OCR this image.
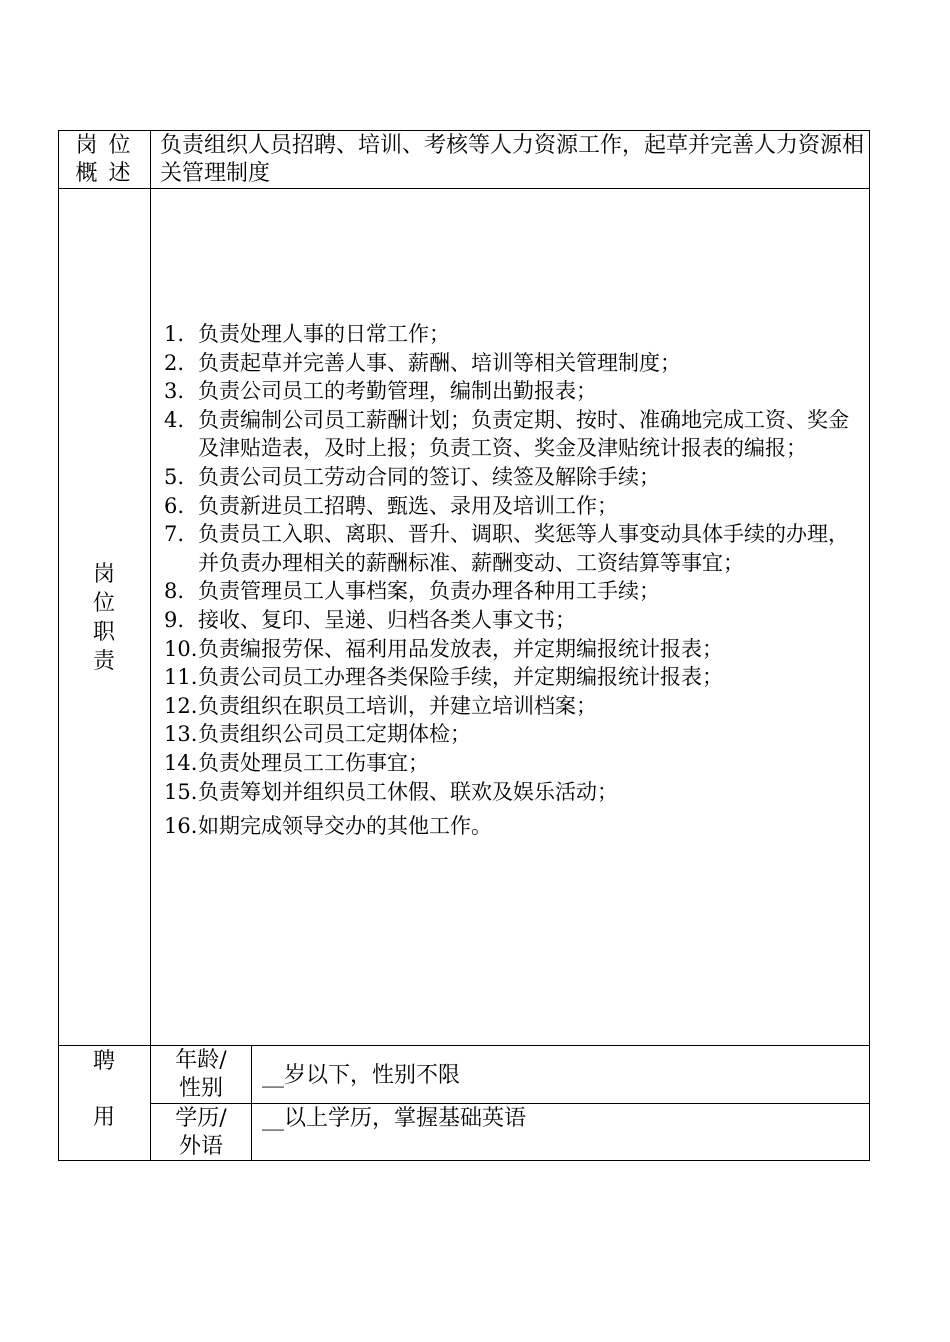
岗 位
概 述
负责组织人员招聘、培训、考核等人力资源工作，起草并完善人力资源相关管理制度
岗
位
职
责
1. 负责处理人事的日常工作；
2. 负责起草并完善人事、薪酬、培训等相关管理制度；
3. 负责公司员工的考勤管理，编制出勤报表；
4. 负责编制公司员工薪酬计划；负责定期、按时、准确地完成工资、奖金及津贴造表，及时上报；负责工资、奖金及津贴统计报表的编报；
5. 负责公司员工劳动合同的签订、续签及解除手续；
6. 负责新进员工招聘、甄选、录用及培训工作；
7. 负责员工入职、离职、晋升、调职、奖惩等人事变动具体手续的办理，并负责办理相关的薪酬标准、薪酬变动、工资结算等事宜；
8. 负责管理员工人事档案，负责办理各种用工手续；
9. 接收、复印、呈递、归档各类人事文书；
10. 负责编报劳保、福利用品发放表，并定期编报统计报表；
11. 负责公司员工办理各类保险手续，并定期编报统计报表；
12. 负责组织在职员工培训，并建立培训档案；
13. 负责组织公司员工定期体检；
14. 负责处理员工工伤事宜；
15. 负责筹划并组织员工休假、联欢及娱乐活动；
16. 如期完成领导交办的其他工作。
聘
用
年龄/
性别
__岁以下，性别不限
学历/
外语
__以上学历，掌握基础英语
